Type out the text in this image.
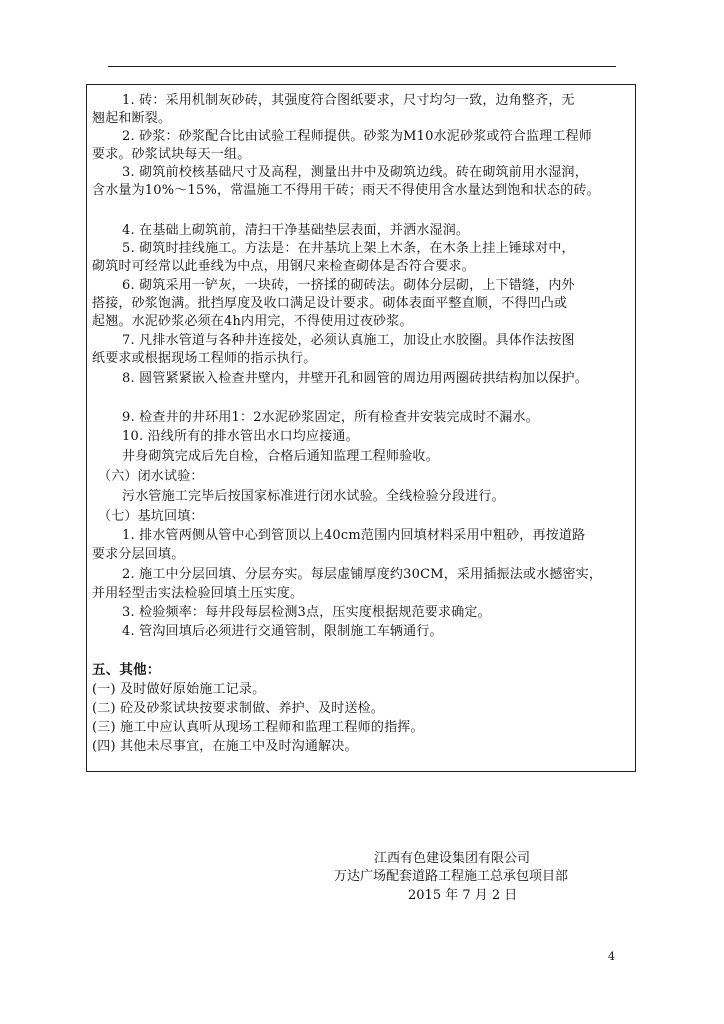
1. 砖：采用机制灰砂砖，其强度符合图纸要求，尺寸均匀一致，边角整齐，无
翘起和断裂。
2. 砂浆：砂浆配合比由试验工程师提供。砂浆为M10水泥砂浆或符合监理工程师
要求。砂浆试块每天一组。
3. 砌筑前校核基础尺寸及高程，测量出井中及砌筑边线。砖在砌筑前用水湿润，
含水量为10%～15%，常温施工不得用干砖；雨天不得使用含水量达到饱和状态的砖。
4. 在基础上砌筑前，清扫干净基础垫层表面，并洒水湿润。
5. 砌筑时挂线施工。方法是：在井基坑上架上木条，在木条上挂上锤球对中，
砌筑时可经常以此垂线为中点，用钢尺来检查砌体是否符合要求。
6. 砌筑采用一铲灰，一块砖，一挤揉的砌砖法。砌体分层砌，上下错缝，内外
搭接，砂浆饱满。批挡厚度及收口满足设计要求。砌体表面平整直顺，不得凹凸或
起翘。水泥砂浆必须在4h内用完，不得使用过夜砂浆。
7. 凡排水管道与各种井连接处，必须认真施工，加设止水胶圈。具体作法按图
纸要求或根据现场工程师的指示执行。
8. 圆管紧紧嵌入检查井壁内，井壁开孔和圆管的周边用两圈砖拱结构加以保护。
9. 检查井的井环用1：2水泥砂浆固定，所有检查井安装完成时不漏水。
10. 沿线所有的排水管出水口均应接通。
井身砌筑完成后先自检，合格后通知监理工程师验收。
（六）闭水试验：
污水管施工完毕后按国家标准进行闭水试验。全线检验分段进行。
（七）基坑回填：
1. 排水管两侧从管中心到管顶以上40cm范围内回填材料采用中粗砂，再按道路
要求分层回填。
2. 施工中分层回填、分层夯实。每层虚铺厚度约30CM，采用插振法或水撼密实，
并用轻型击实法检验回填土压实度。
3. 检验频率：每井段每层检测3点，压实度根据规范要求确定。
4. 管沟回填后必须进行交通管制，限制施工车辆通行。
五、其他：
(一) 及时做好原始施工记录。
(二) 砼及砂浆试块按要求制做、养护、及时送检。
(三) 施工中应认真听从现场工程师和监理工程师的指挥。
(四) 其他未尽事宜，在施工中及时沟通解决。
江西有色建设集团有限公司
万达广场配套道路工程施工总承包项目部
2015 年 7 月 2 日
4
